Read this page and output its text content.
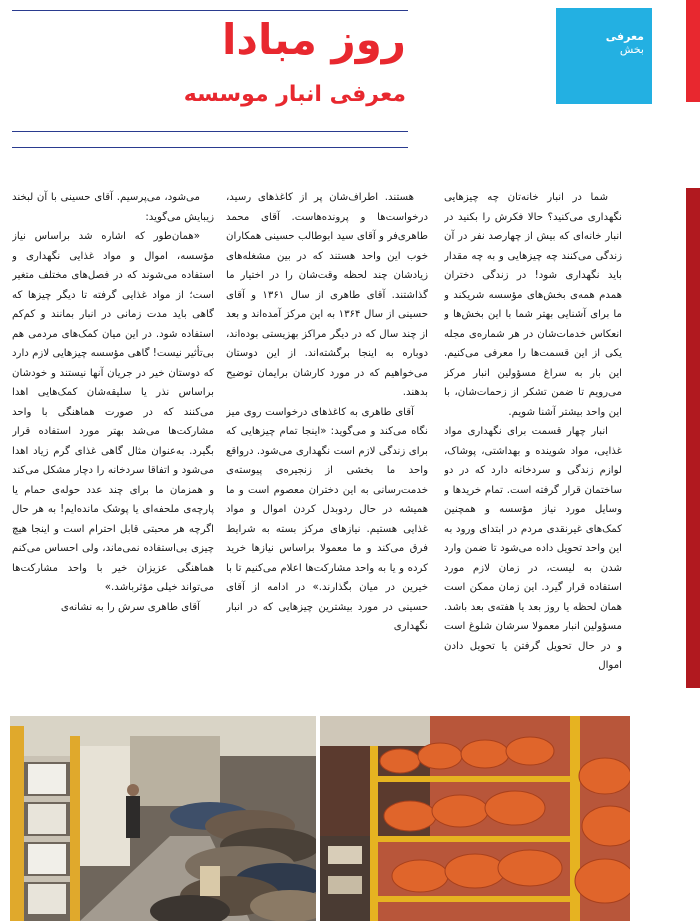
معرفی
بخش
روز مبادا
معرفی انبار موسسه

شما در انبار خانه‌تان چه چیزهایی نگهداری می‌کنید؟ حالا فکرش را بکنید در انبار خانه‌ای که بیش از چهارصد نفر در آن زندگی می‌کنند چه چیزهایی و به چه مقدار باید نگهداری شود! در زندگی دختران همدم همه‌ی بخش‌های مؤسسه شریکند و ما برای آشنایی بهتر شما با این بخش‌ها و انعکاس خدمات‌شان در هر شماره‌ی مجله یکی از این قسمت‌ها را معرفی می‌کنیم. این بار به سراغ مسؤولین انبار مرکز می‌رویم تا ضمن تشکر از زحمات‌شان، با این واحد بیشتر آشنا شویم.

انبار چهار قسمت برای نگهداری مواد غذایی، مواد شوینده و بهداشتی، پوشاک، لوازم زندگی و سردخانه دارد که در دو ساختمان قرار گرفته است. تمام خریدها و وسایل مورد نیاز مؤسسه و همچنین کمک‌های غیرنقدی مردم در ابتدای ورود به این واحد تحویل داده می‌شود تا ضمن وارد شدن به لیست، در زمان لازم مورد استفاده قرار گیرد. این زمان ممکن است همان لحظه یا روز بعد یا هفته‌ی بعد باشد. مسؤولین انبار معمولا سرشان شلوغ است و در حال تحویل گرفتن یا تحویل دادن اموال

هستند. اطراف‌شان پر از کاغذهای رسید، درخواست‌ها و پرونده‌هاست. آقای محمد طاهری‌فر و آقای سید ابوطالب حسینی همکاران خوب این واحد هستند که در بین مشغله‌های زیادشان چند لحظه وقت‌شان را در اختیار ما گذاشتند. آقای طاهری از سال ۱۳۶۱ و آقای حسینی از سال ۱۳۶۴ به این مرکز آمده‌اند و بعد از چند سال که در دیگر مراکز بهزیستی بوده‌اند، دوباره به اینجا برگشته‌اند. از این دوستان می‌خواهیم که در مورد کارشان برایمان توضیح بدهند.

آقای طاهری به کاغذهای درخواست روی میز نگاه می‌کند و می‌گوید: «اینجا تمام چیزهایی که برای زندگی لازم است نگهداری می‌شود. درواقع واحد ما بخشی از زنجیره‌ی پیوسته‌ی خدمت‌رسانی به این دختران معصوم است و ما همیشه در حال ردوبدل کردن اموال و مواد غذایی هستیم. نیازهای مرکز بسته به شرایط فرق می‌کند و ما معمولا براساس نیازها خرید کرده و یا به واحد مشارکت‌ها اعلام می‌کنیم تا با خیرین در میان بگذارند.» در ادامه از آقای حسینی در مورد بیشترین چیزهایی که در انبار نگهداری

می‌شود، می‌پرسیم. آقای حسینی با آن لبخند زیبایش می‌گوید:

«همان‌طور که اشاره شد براساس نیاز مؤسسه، اموال و مواد غذایی نگهداری و استفاده می‌شوند که در فصل‌های مختلف متغیر است؛ از مواد غذایی گرفته تا دیگر چیزها که گاهی باید مدت زمانی در انبار بمانند و کم‌کم استفاده شود. در این میان کمک‌های مردمی هم بی‌تأثیر نیست! گاهی مؤسسه چیزهایی لازم دارد که دوستان خیر در جریان آنها نیستند و خودشان براساس نذر یا سلیقه‌شان کمک‌هایی اهدا می‌کنند که در صورت هماهنگی با واحد مشارکت‌ها می‌شد بهتر مورد استفاده قرار بگیرد. به‌عنوان مثال گاهی غذای گرم زیاد اهدا می‌شود و اتفاقا سردخانه را دچار مشکل می‌کند و همزمان ما برای چند عدد حوله‌ی حمام یا پارچه‌ی ملحفه‌ای یا پوشک مانده‌ایم! به هر حال اگرچه هر محبتی قابل احترام است و اینجا هیچ چیزی بی‌استفاده نمی‌ماند، ولی احساس می‌کنم هماهنگی عزیزان خیر با واحد مشارکت‌ها می‌تواند خیلی مؤثرباشد.»

آقای طاهری سرش را به نشانه‌ی
